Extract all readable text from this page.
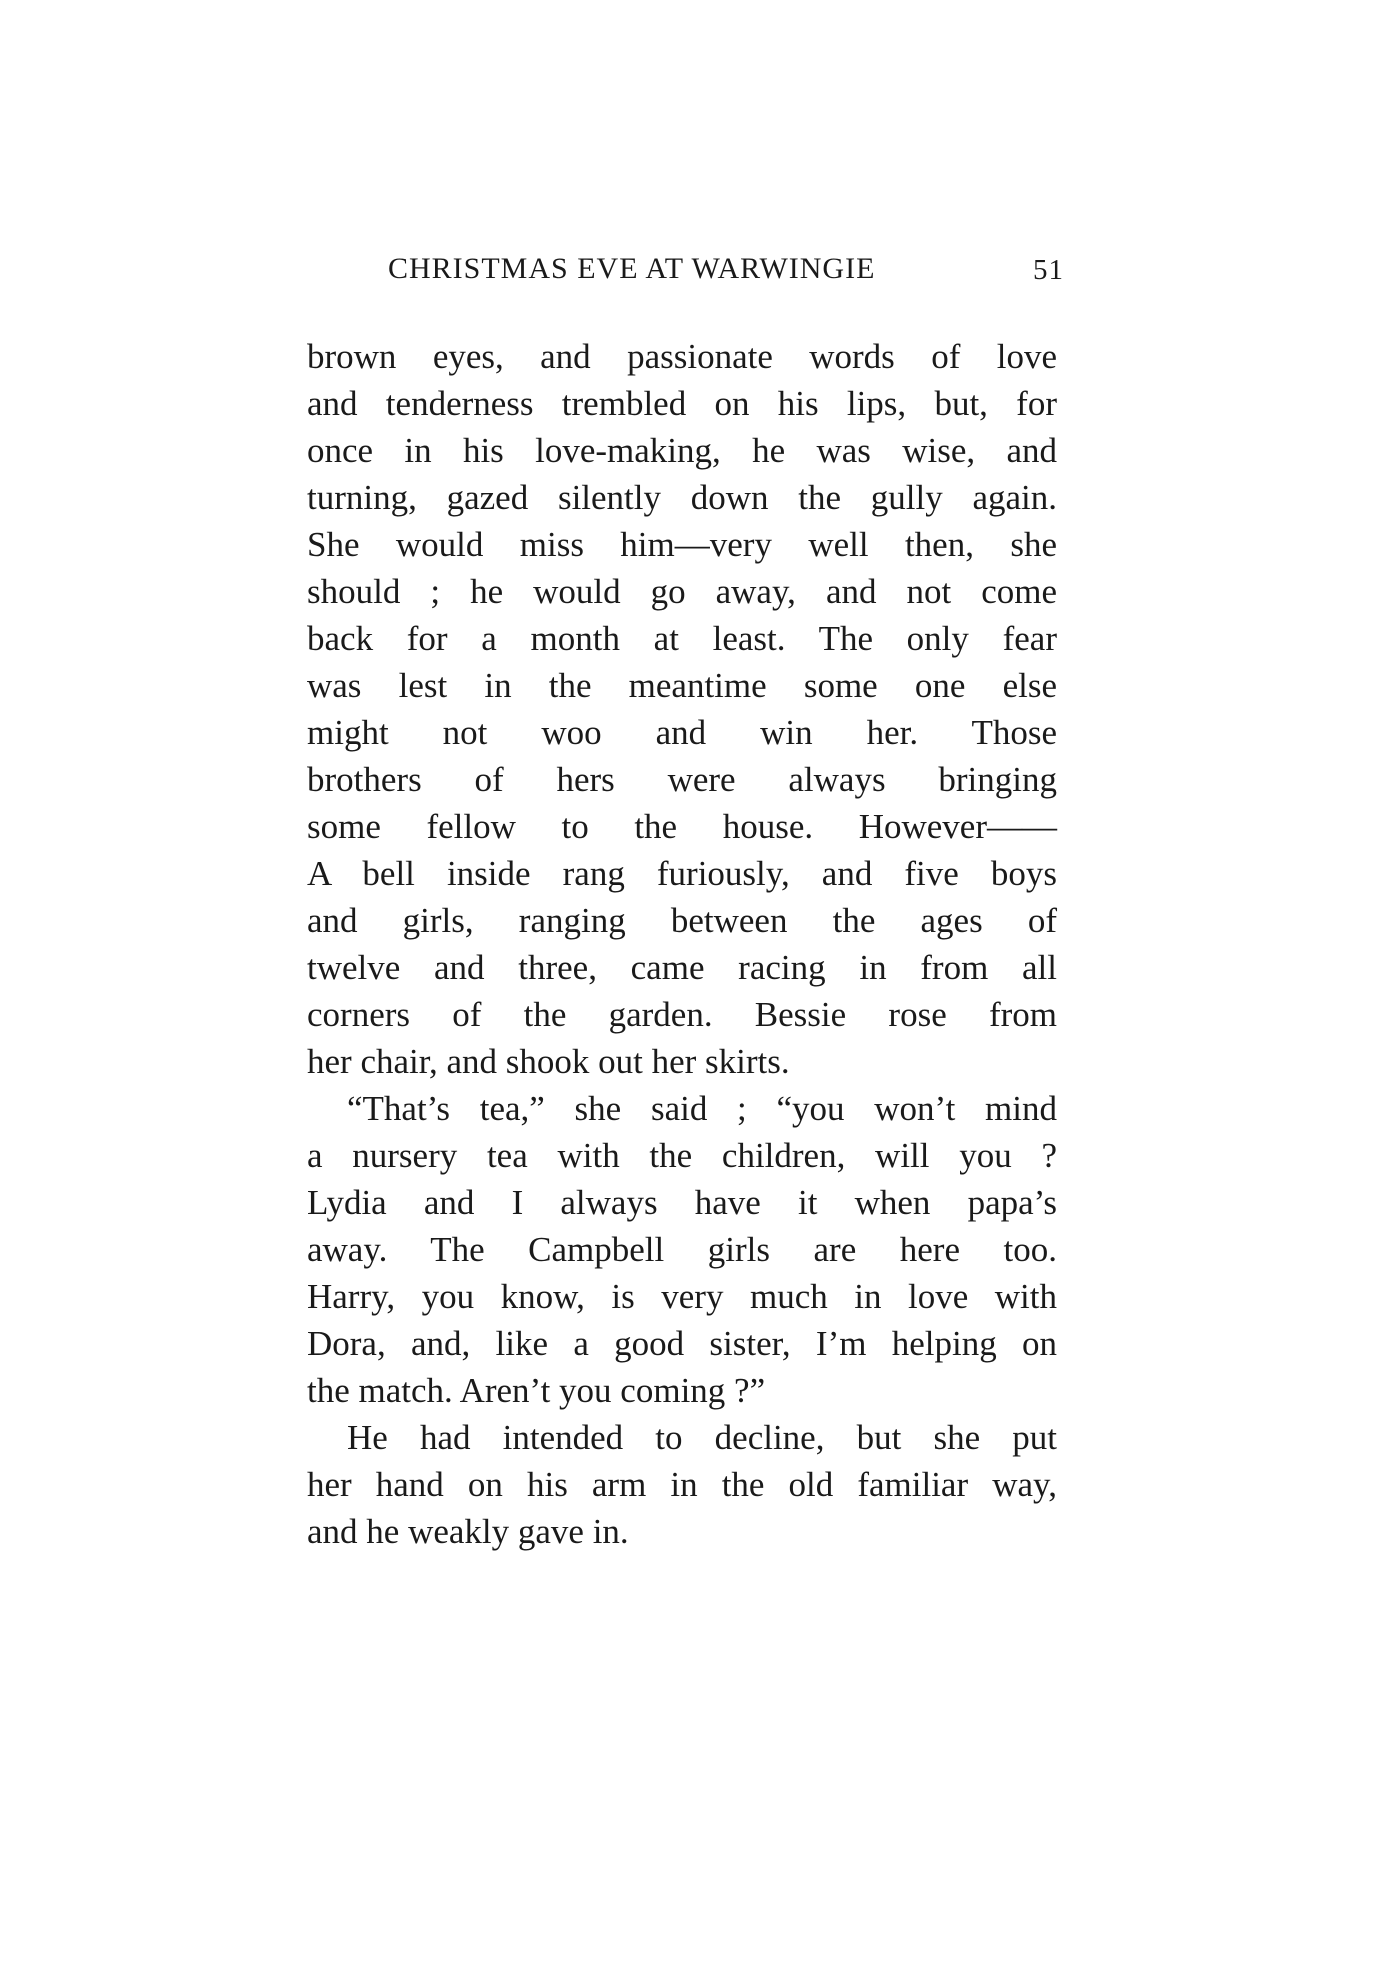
CHRISTMAS EVE AT WARWINGIE	51
brown eyes, and passionate words of love
and tenderness trembled on his lips, but, for
once in his love-making, he was wise, and
turning, gazed silently down the gully again.
She would miss him—very well then, she
should ; he would go away, and not come
back for a month at least. The only fear
was lest in the meantime some one else
might not woo and win her. Those
brothers of hers were always bringing
some fellow to the house. However——
A bell inside rang furiously, and five boys
and girls, ranging between the ages of
twelve and three, came racing in from all
corners of the garden. Bessie rose from
her chair, and shook out her skirts.
“That’s tea,” she said ; “you won’t mind
a nursery tea with the children, will you ?
Lydia and I always have it when papa’s
away. The Campbell girls are here too.
Harry, you know, is very much in love with
Dora, and, like a good sister, I’m helping on
the match. Aren’t you coming ?”
He had intended to decline, but she put
her hand on his arm in the old familiar way,
and he weakly gave in.
